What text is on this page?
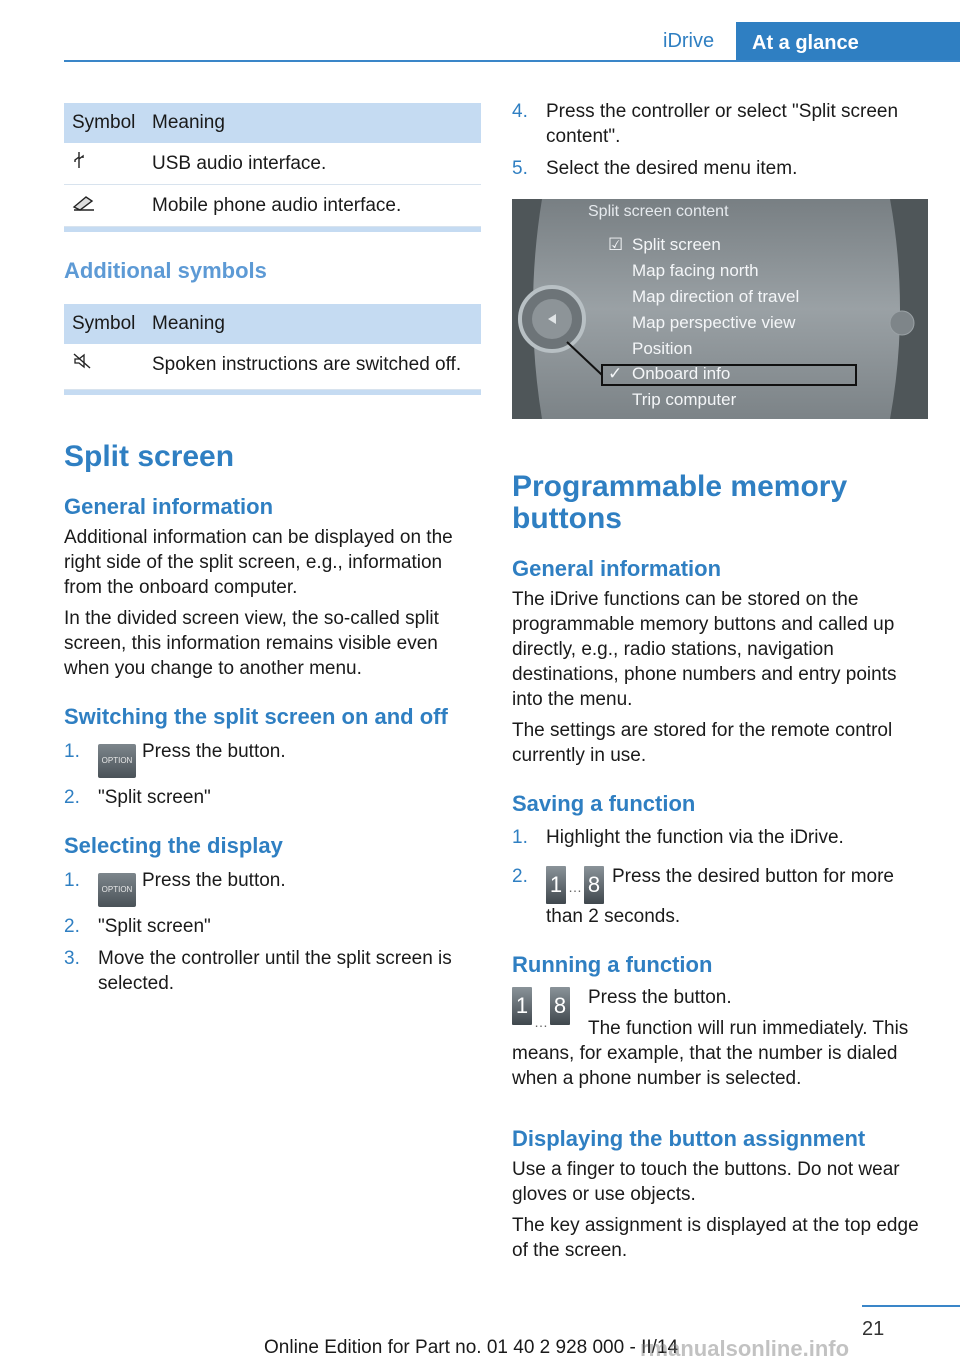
iDrive	At a glance
Symbol	Meaning
	USB audio interface.
	Mobile phone audio interface.
Additional symbols
Symbol	Meaning
	Spoken instructions are switched off.
Split screen
General information

Additional information can be displayed on the right side of the split screen, e.g., information from the onboard computer.

In the divided screen view, the so-called split screen, this information remains visible even when you change to another menu.

Switching the split screen on and off
1.	OPTION Press the button.
2. "Split screen"
Selecting the display
1.	OPTION Press the button.
2. "Split screen"
3. Move the controller until the split screen is selected.
4. Press the controller or select "Split screen content".
5. Select the desired menu item.
Split screen content
☑ Split screen
Map facing north
Map direction of travel
Map perspective view
Position
✓ Onboard info
Trip computer
Programmable memory buttons
General information

The iDrive functions can be stored on the programmable memory buttons and called up directly, e.g., radio stations, navigation destinations, phone numbers and entry points into the menu.

The settings are stored for the remote control currently in use.

Saving a function
1. Highlight the function via the iDrive.
2. 1 … 8 Press the desired button for more than 2 seconds.
Running a function
1…8	Press the button.
The function will run immediately. This means, for example, that the number is dialed when a phone number is selected.
Displaying the button assignment

Use a finger to touch the buttons. Do not wear gloves or use objects.

The key assignment is displayed at the top edge of the screen.

21
Online Edition for Part no. 01 40 2 928 000 - II/14
rmanualsonline.info
